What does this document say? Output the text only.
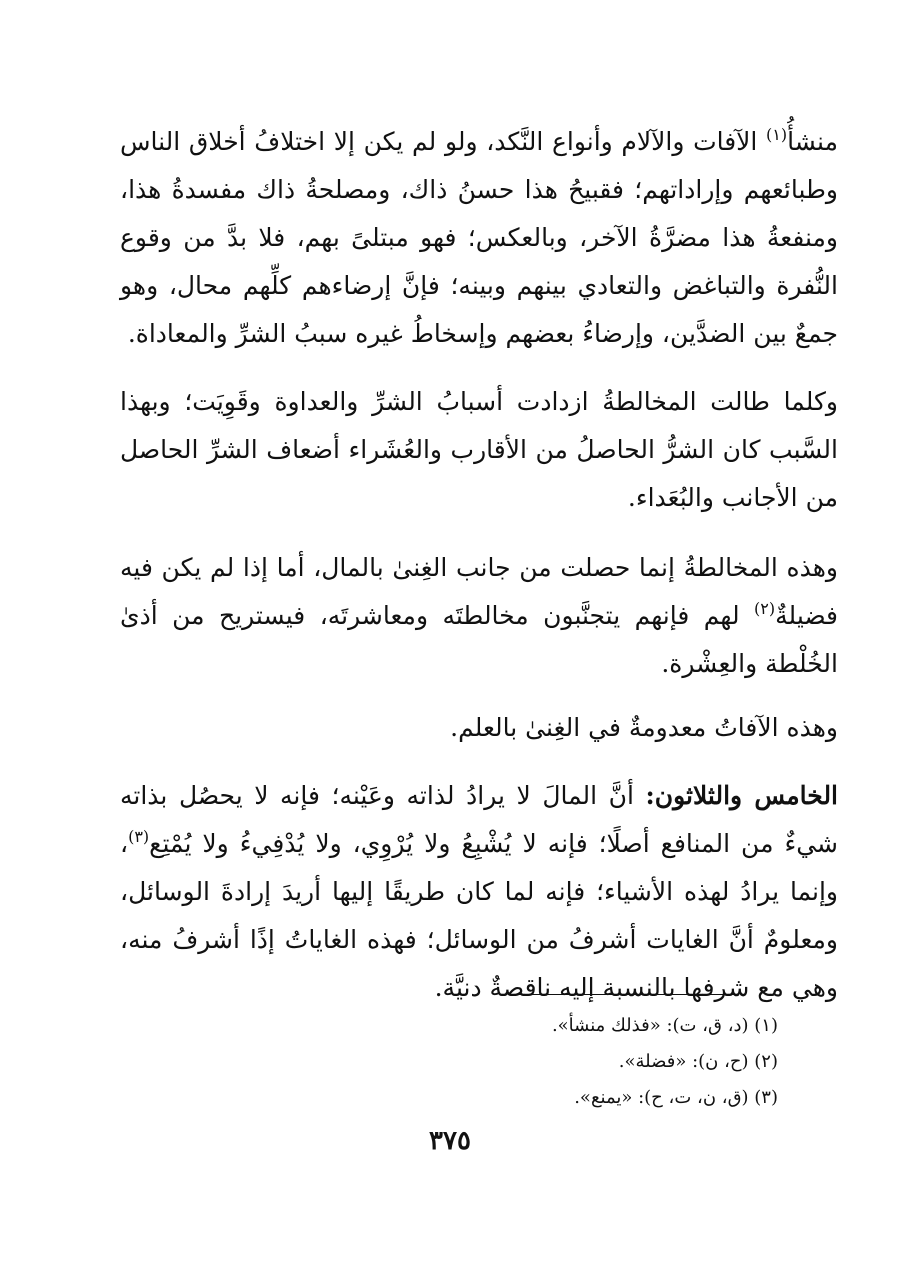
منشأُ$^{(١)}$ الآفات والآلام وأنواع النَّكد، ولو لم يكن إلا اختلافُ أخلاق الناس وطبائعهم وإراداتهم؛ فقبيحُ هذا حسنُ ذاك، ومصلحةُ ذاك مفسدةُ هذا، ومنفعةُ هذا مضرَّةُ الآخر، وبالعكس؛ فهو مبتلىً بهم، فلا بدَّ من وقوع النُّفرة والتباغض والتعادي بينهم وبينه؛ فإنَّ إرضاءهم كلِّهم محال، وهو جمعٌ بين الضدَّين، وإرضاءُ بعضهم وإسخاطُ غيره سببُ الشرِّ والمعاداة.

وكلما طالت المخالطةُ ازدادت أسبابُ الشرِّ والعداوة وقَوِيَت؛ وبهذا السَّبب كان الشرُّ الحاصلُ من الأقارب والعُشَراء أضعاف الشرِّ الحاصل من الأجانب والبُعَداء.

وهذه المخالطةُ إنما حصلت من جانب الغِنىٰ بالمال، أما إذا لم يكن فيه فضيلةٌ$^{(٢)}$ لهم فإنهم يتجنَّبون مخالطتَه ومعاشرتَه، فيستريح من أذىٰ الخُلْطة والعِشْرة.

وهذه الآفاتُ معدومةٌ في الغِنىٰ بالعلم.

الخامس والثلاثون: أنَّ المالَ لا يرادُ لذاته وعَيْنه؛ فإنه لا يحصُل بذاته شيءٌ من المنافع أصلًا؛ فإنه لا يُشْبِعُ ولا يُرْوِي، ولا يُدْفِيءُ ولا يُمْتِع$^{(٣)}$، وإنما يرادُ لهذه الأشياء؛ فإنه لما كان طريقًا إليها أريدَ إرادةَ الوسائل، ومعلومٌ أنَّ الغايات أشرفُ من الوسائل؛ فهذه الغاياتُ إذًا أشرفُ منه، وهي مع شرفها بالنسبة إليه ناقصةٌ دنيَّة.

(١) (د، ق، ت): «فذلك منشأ».

(٢) (ح، ن): «فضلة».

(٣) (ق، ن، ت، ح): «يمنع».

٣٧٥
